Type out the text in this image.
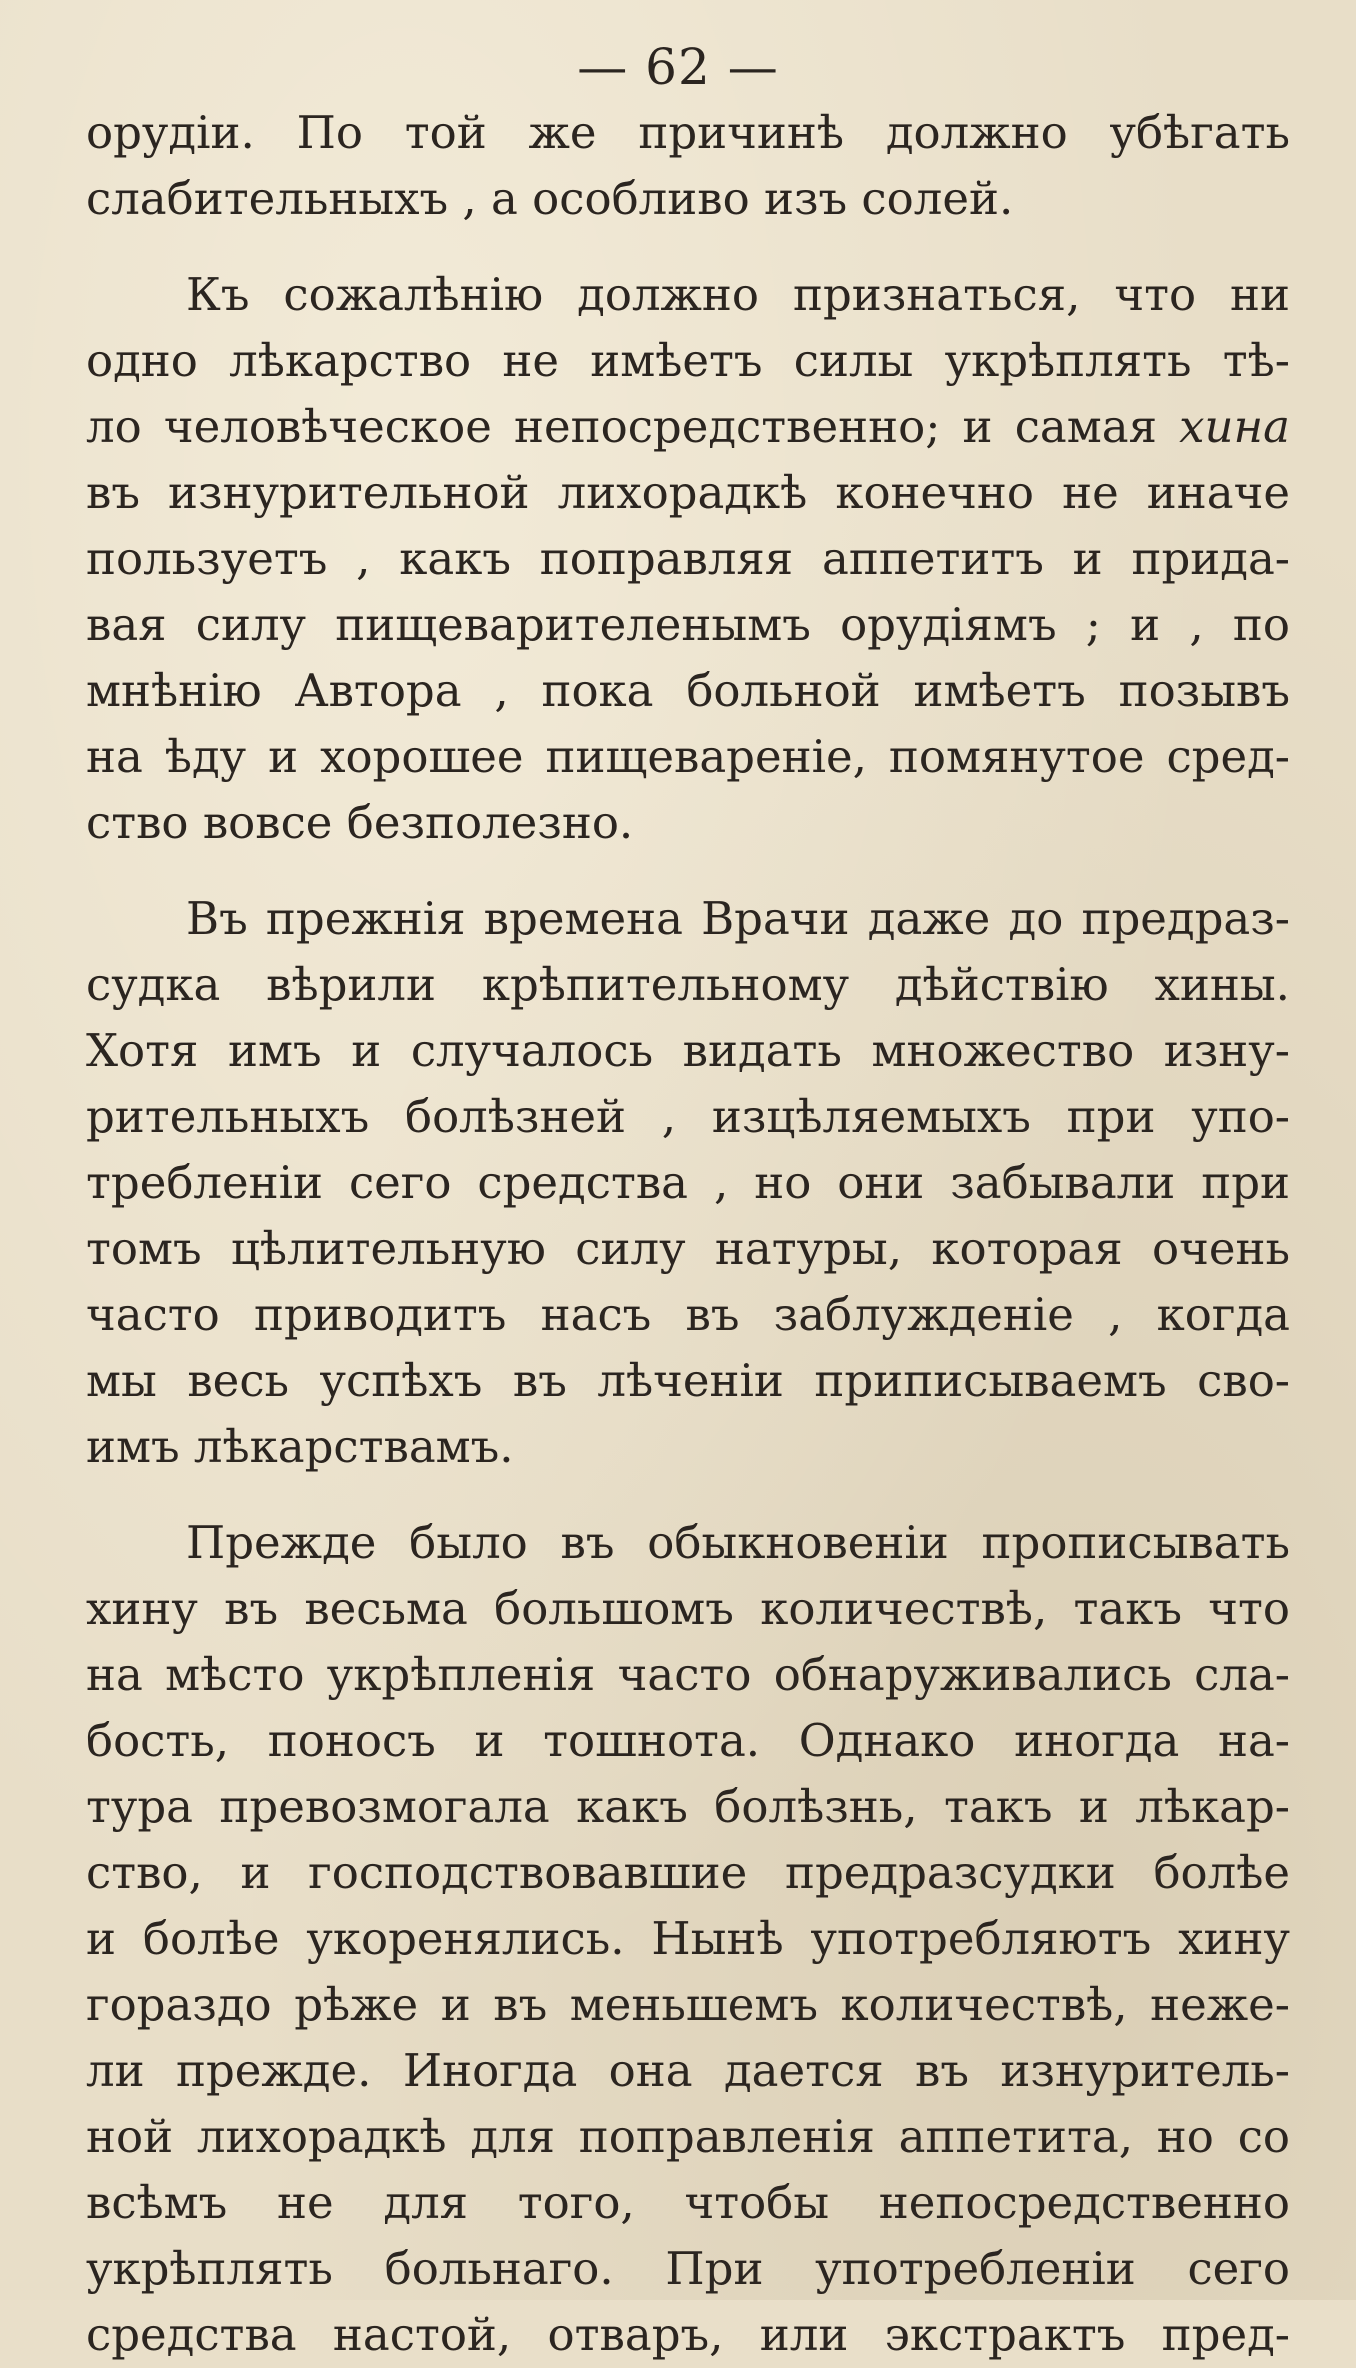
— 62 —
орудіи. По той же причинѣ должно убѣгать
слабительныхъ , а особливо изъ солей.
Къ сожалѣнію должно признаться, что ни
одно лѣкарство не имѣетъ силы укрѣплять тѣ-
ло человѣческое непосредственно; и самая хина
въ изнурительной лихорадкѣ конечно не иначе
пользуетъ , какъ поправляя аппетитъ и прида-
вая силу пищеварителенымъ орудіямъ ; и , по
мнѣнію Автора , пока больной имѣетъ позывъ
на ѣду и хорошее пищевареніе, помянутое сред-
ство вовсе безполезно.
Въ прежнія времена Врачи даже до предраз-
судка вѣрили крѣпительному дѣйствію хины.
Хотя имъ и случалось видать множество изну-
рительныхъ болѣзней , изцѣляемыхъ при упо-
требленіи сего средства , но они забывали при
томъ цѣлительную силу натуры, которая очень
часто приводитъ насъ въ заблужденіе , когда
мы весь успѣхъ въ лѣченіи приписываемъ сво-
имъ лѣкарствамъ.
Прежде было въ обыкновеніи прописывать
хину въ весьма большомъ количествѣ, такъ что
на мѣсто укрѣпленія часто обнаруживались сла-
бость, поносъ и тошнота. Однако иногда на-
тура превозмогала какъ болѣзнь, такъ и лѣкар-
ство, и господствовавшие предразсудки болѣе
и болѣе укоренялись. Нынѣ употребляютъ хину
гораздо рѣже и въ меньшемъ количествѣ, неже-
ли прежде. Иногда она дается въ изнуритель-
ной лихорадкѣ для поправленія аппетита, но со
всѣмъ не для того, чтобы непосредственно
укрѣплять больнаго. При употребленіи сего
средства настой, отваръ, или экстрактъ пред-
